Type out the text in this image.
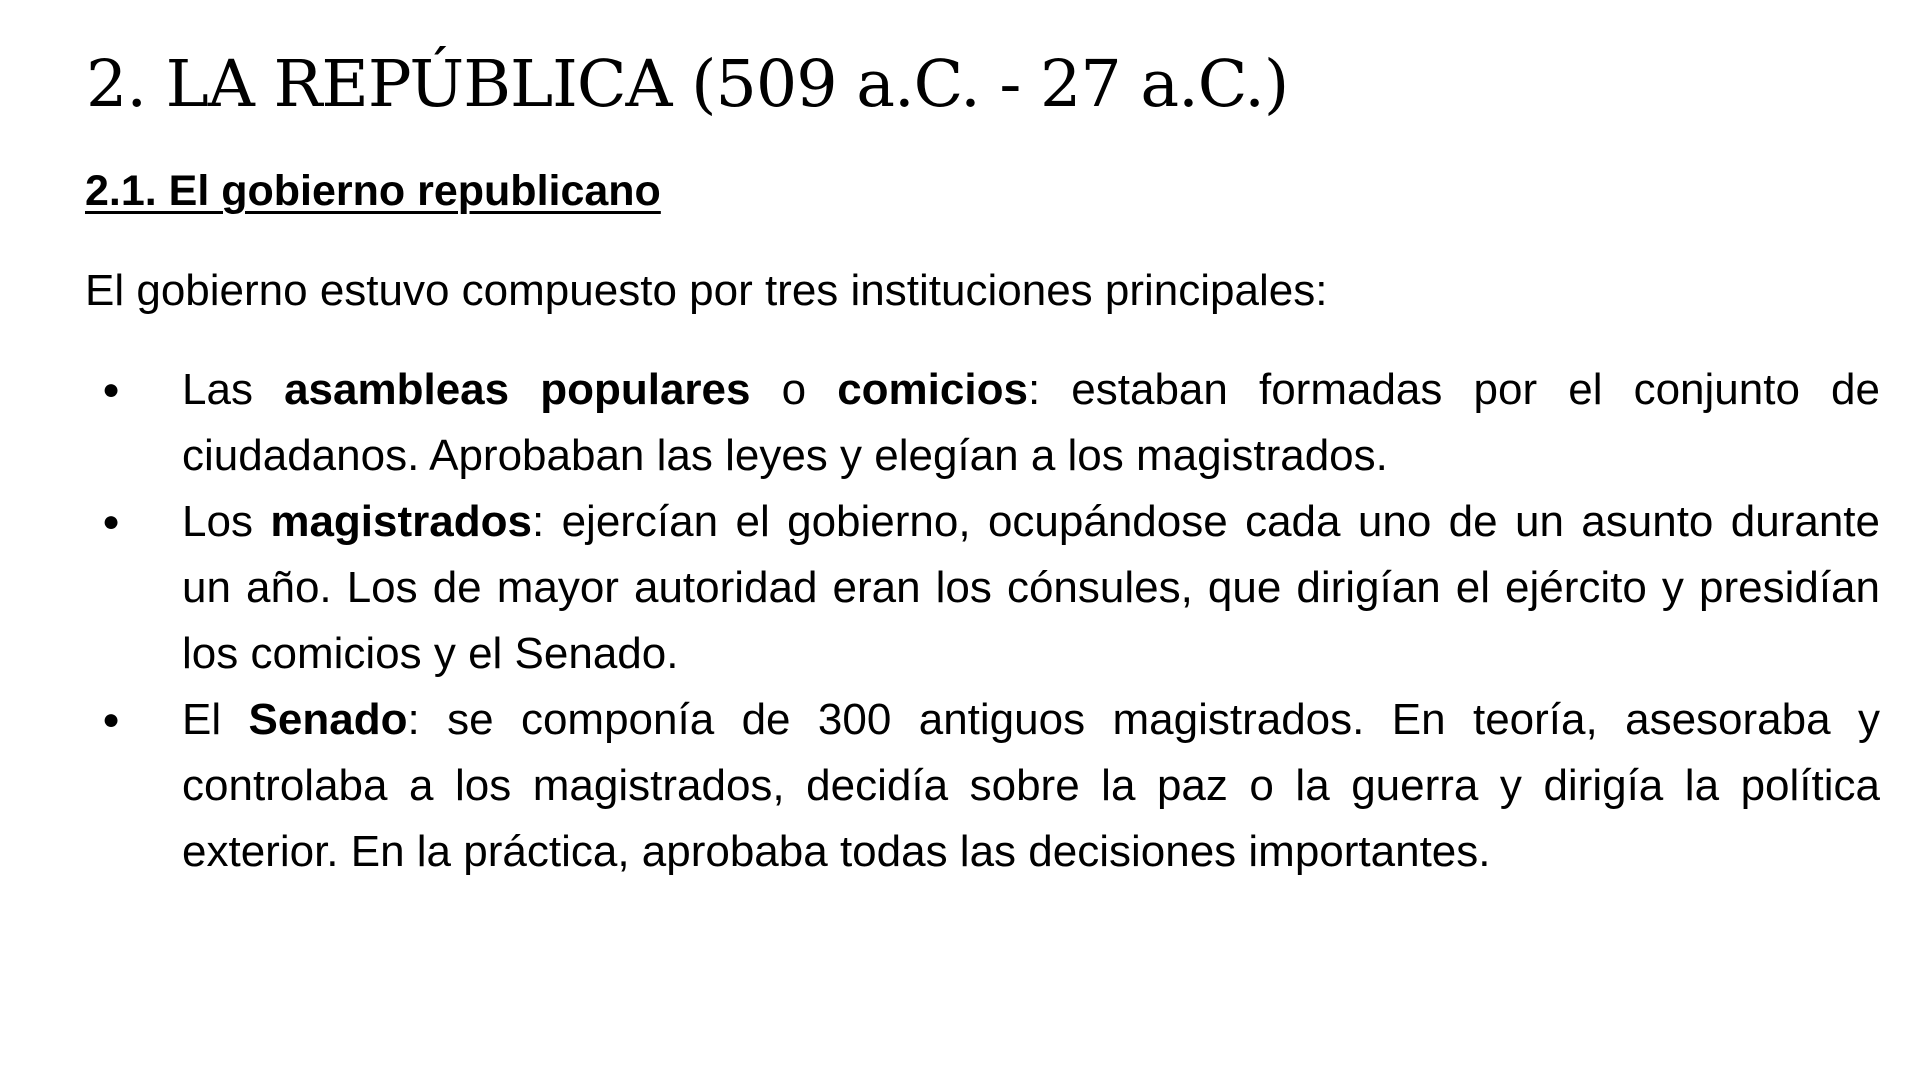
2. LA REPÚBLICA (509 a.C. - 27 a.C.)
2.1. El gobierno republicano

El gobierno estuvo compuesto por tres instituciones principales:

● Las asambleas populares o comicios: estaban formadas por el conjunto de ciudadanos. Aprobaban las leyes y elegían a los magistrados.
● Los magistrados: ejercían el gobierno, ocupándose cada uno de un asunto durante un año. Los de mayor autoridad eran los cónsules, que dirigían el ejército y presidían los comicios y el Senado.
● El Senado: se componía de 300 antiguos magistrados. En teoría, asesoraba y controlaba a los magistrados, decidía sobre la paz o la guerra y dirigía la política exterior. En la práctica, aprobaba todas las decisiones importantes.
